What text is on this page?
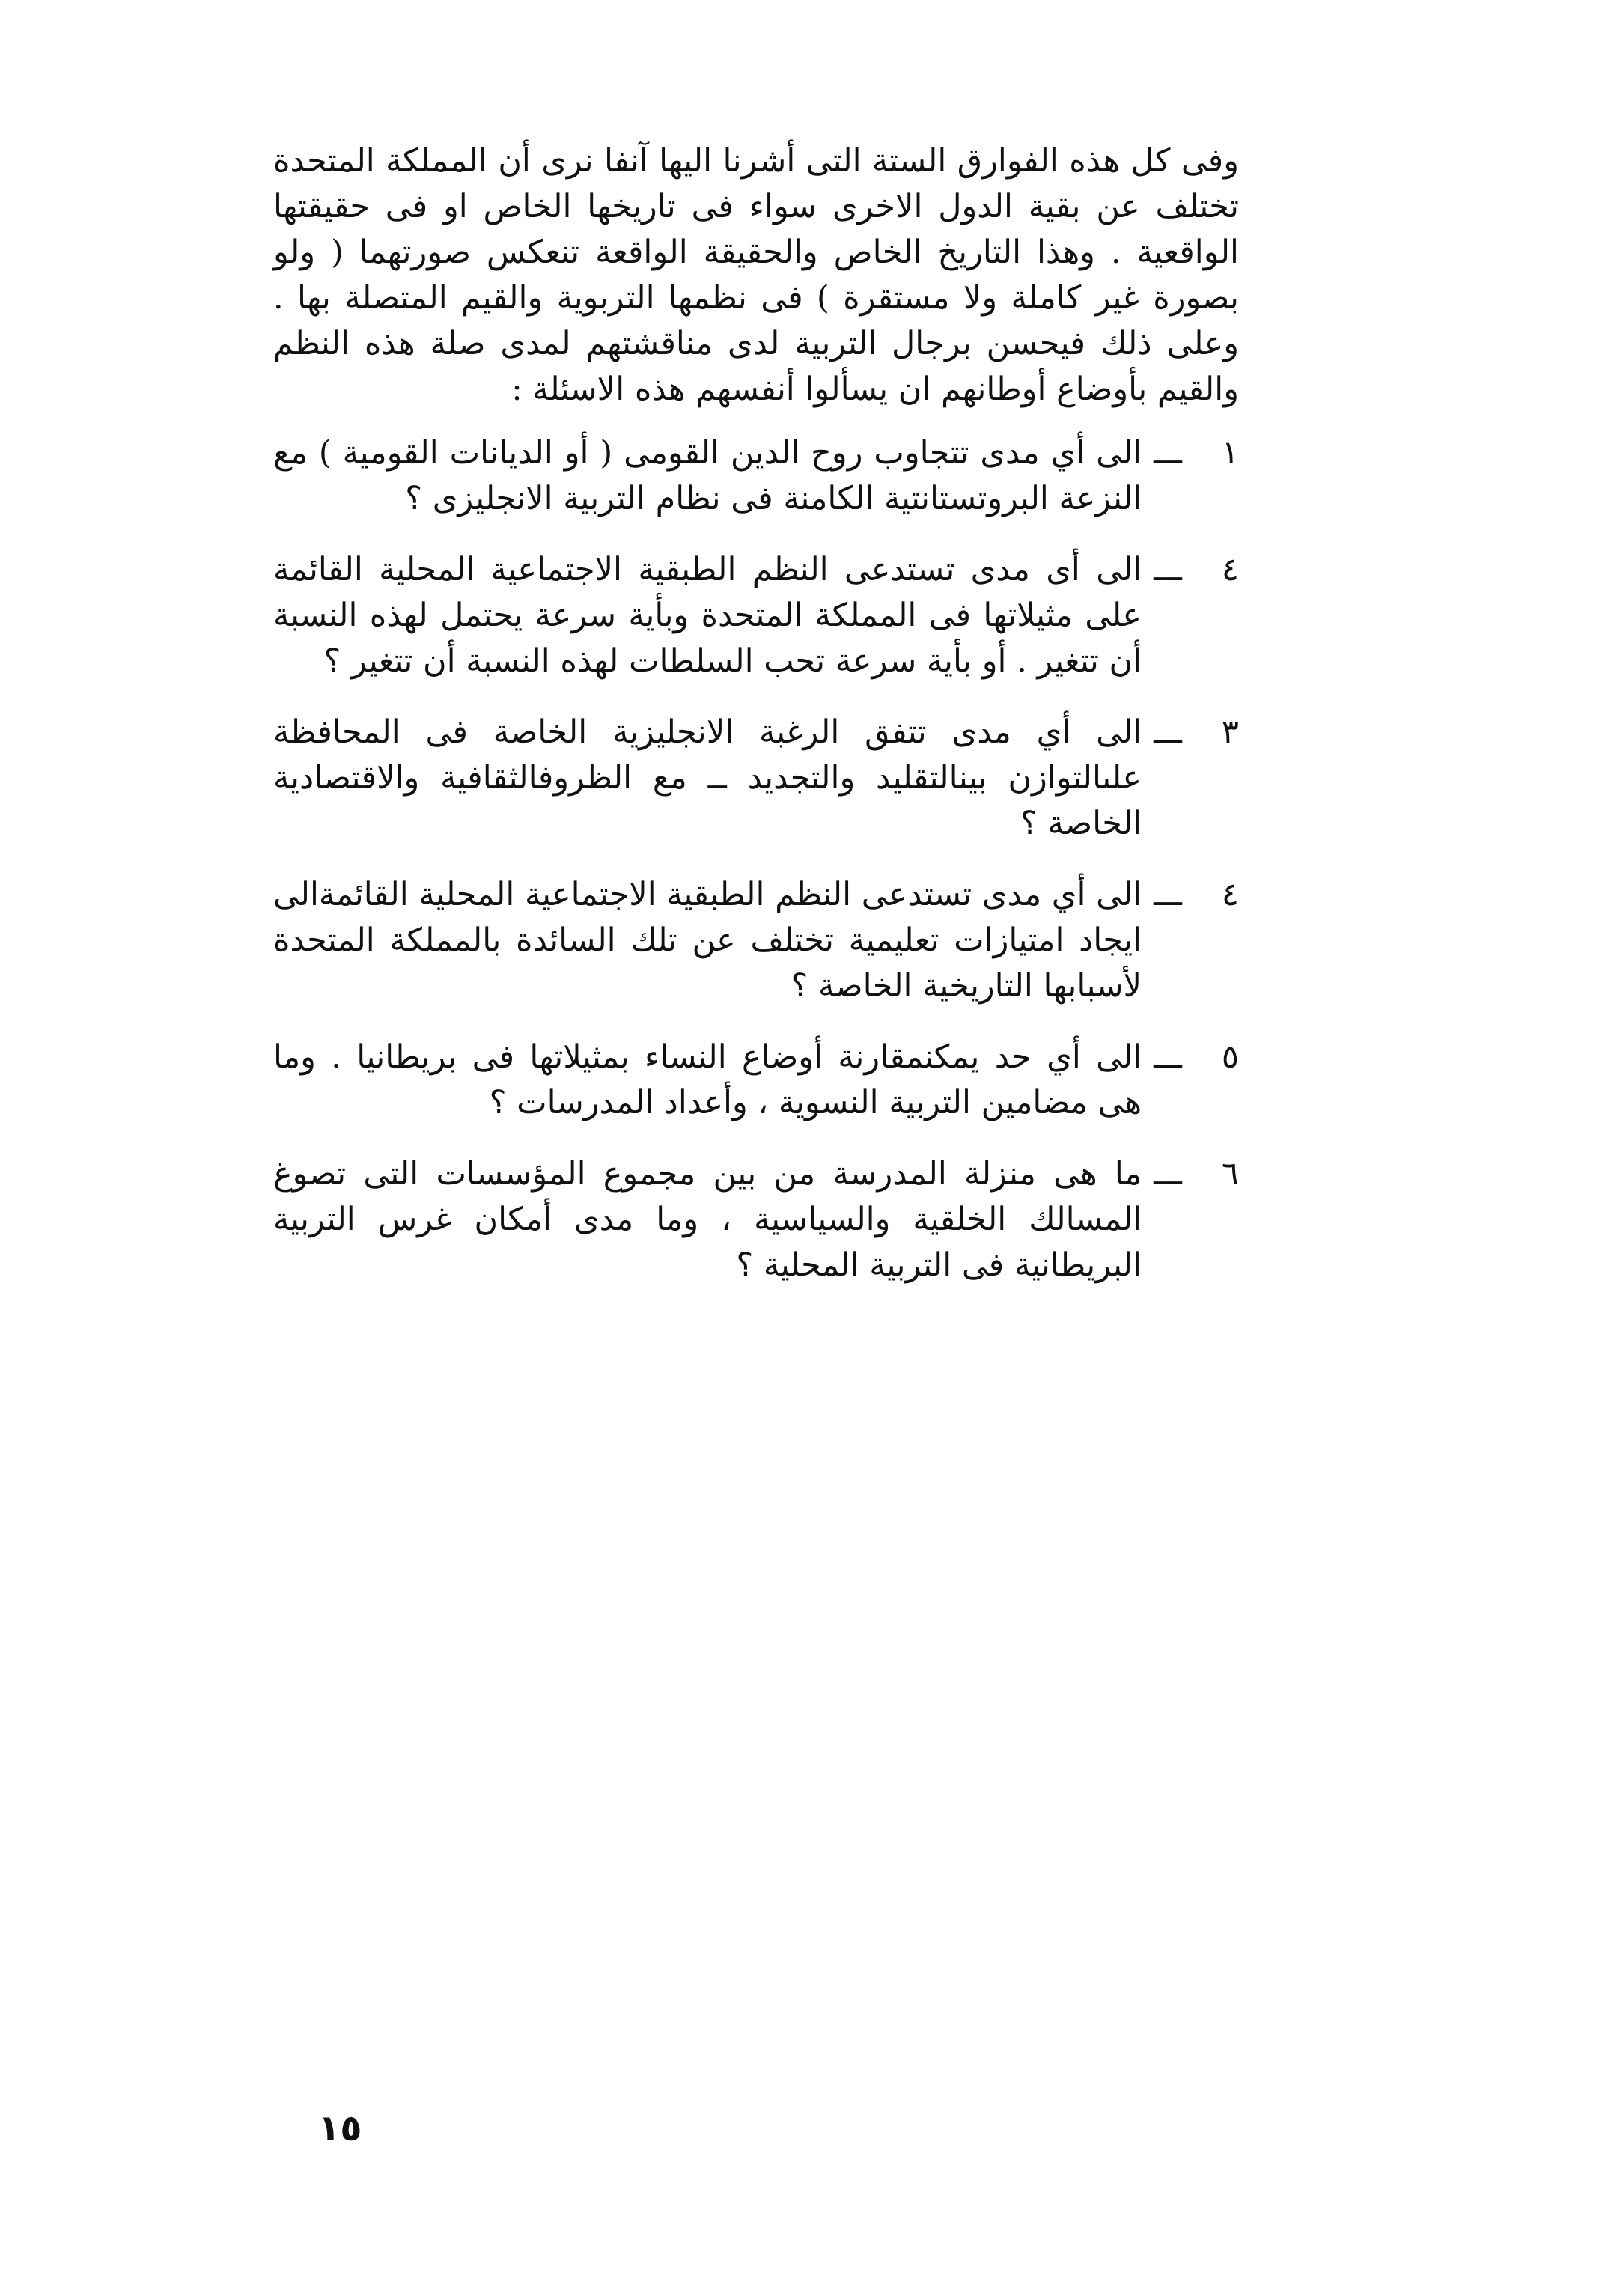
وفى كل هذه الفوارق الستة التى أشرنا اليها آنفا نرى أن المملكة المتحدة تختلف عن بقية الدول الاخرى سواء فى تاريخها الخاص او فى حقيقتها الواقعية . وهذا التاريخ الخاص والحقيقة الواقعة تنعكس صورتهما ( ولو بصورة غير كاملة ولا مستقرة ) فى نظمها التربوية والقيم المتصلة بها . وعلى ذلك فيحسن برجال التربية لدى مناقشتهم لمدى صلة هذه النظم والقيم بأوضاع أوطانهم ان يسألوا أنفسهم هذه الاسئلة :

١
ـــ
الى أي مدى تتجاوب روح الدين القومى ( أو الديانات القومية ) مع النزعة البروتستانتية الكامنة فى نظام التربية الانجليزى ؟
٤
ـــ
الى أى مدى تستدعى النظم الطبقية الاجتماعية المحلية القائمة على مثيلاتها فى المملكة المتحدة وبأية سرعة يحتمل لهذه النسبة أن تتغير . أو بأية سرعة تحب السلطات لهذه النسبة أن تتغير ؟
٣
ـــ
الى أي مدى تتفق الرغبة الانجليزية الخاصة فى المحافظة علىالتوازن بينالتقليد والتجديد ــ مع الظروفالثقافية والاقتصادية الخاصة ؟
٤
ـــ
الى أي مدى تستدعى النظم الطبقية الاجتماعية المحلية القائمةالى ايجاد امتيازات تعليمية تختلف عن تلك السائدة بالمملكة المتحدة لأسبابها التاريخية الخاصة ؟
٥
ـــ
الى أي حد يمكنمقارنة أوضاع النساء بمثيلاتها فى بريطانيا . وما هى مضامين التربية النسوية ، وأعداد المدرسات ؟
٦
ـــ
ما هى منزلة المدرسة من بين مجموع المؤسسات التى تصوغ المسالك الخلقية والسياسية ، وما مدى أمكان غرس التربية البريطانية فى التربية المحلية ؟
١٥
